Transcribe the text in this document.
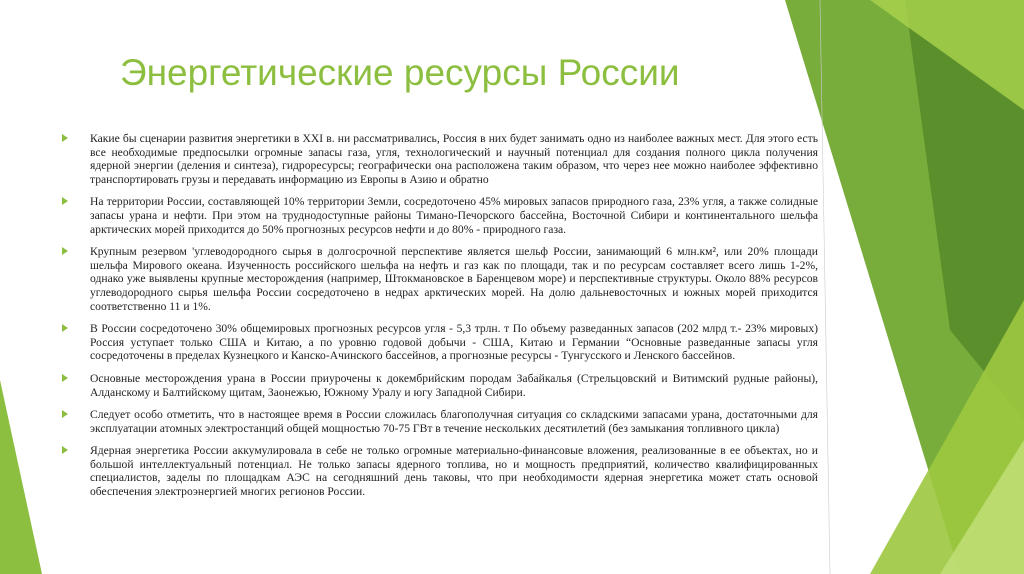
Энергетические ресурсы России
Какие бы сценарии развития энергетики в XXI в. ни рассматривались, Россия в них будет занимать одно из наиболее важных мест. Для этого есть все необходимые предпосылки огромные запасы газа, угля, технологический и научный потенциал для создания полного цикла получения ядерной энергии (деления и синтеза), гидроресурсы; географически она расположена таким образом, что через нее можно наиболее эффективно транспортировать грузы и передавать информацию из Европы в Азию и обратно
На территории России, составляющей 10% территории Земли, сосредоточено 45% мировых запасов природного газа, 23% угля, а также солидные запасы урана и нефти. При этом на труднодоступные районы Тимано-Печорского бассейна, Восточной Сибири и континентального шельфа арктических морей приходится до 50% прогнозных ресурсов нефти и до 80% - природного газа.
Крупным резервом 'углеводородного сырья в долгосрочной перспективе является шельф России, занимающий 6 млн.км², или 20% площади шельфа Мирового океана. Изученность российского шельфа на нефть и газ как по площади, так и по ресурсам составляет всего лишь 1-2%, однако уже выявлены крупные месторождения (например, Штокмановское в Баренцевом море) и перспективные структуры. Около 88% ресурсов углеводородного сырья шельфа России сосредоточено в недрах арктических морей. На долю дальневосточных и южных морей приходится соответственно 11 и 1%.
В России сосредоточено 30% общемировых прогнозных ресурсов угля - 5,3 трлн. т По объему разведанных запасов (202 млрд т.- 23% мировых) Россия уступает только США и Китаю, а по уровню годовой добычи - США, Китаю и Германии “Основные разведанные запасы угля сосредоточены в пределах Кузнецкого и Канско-Ачинского бассейнов, а прогнозные ресурсы - Тунгусского и Ленского бассейнов.
Основные месторождения урана в России приурочены к докембрийским породам Забайкалья (Стрельцовский и Витимский рудные районы), Алданскому и Балтийскому щитам, Заонежью, Южному Уралу и югу Западной Сибири.
Следует особо отметить, что в настоящее время в России сложилась благополучная ситуация со складскими запасами урана, достаточными для эксплуатации атомных электростанций общей мощностью 70-75 ГВт в течение нескольких десятилетий (без замыкания топливного цикла)
Ядерная энергетика России аккумулировала в себе не только огромные материально-финансовые вложения, реализованные в ее объектах, но и большой интеллектуальный потенциал. Не только запасы ядерного топлива, но и мощность предприятий, количество квалифицированных специалистов, заделы по площадкам АЭС на сегодняшний день таковы, что при необходимости ядерная энергетика может стать основой обеспечения электроэнергией многих регионов России.
